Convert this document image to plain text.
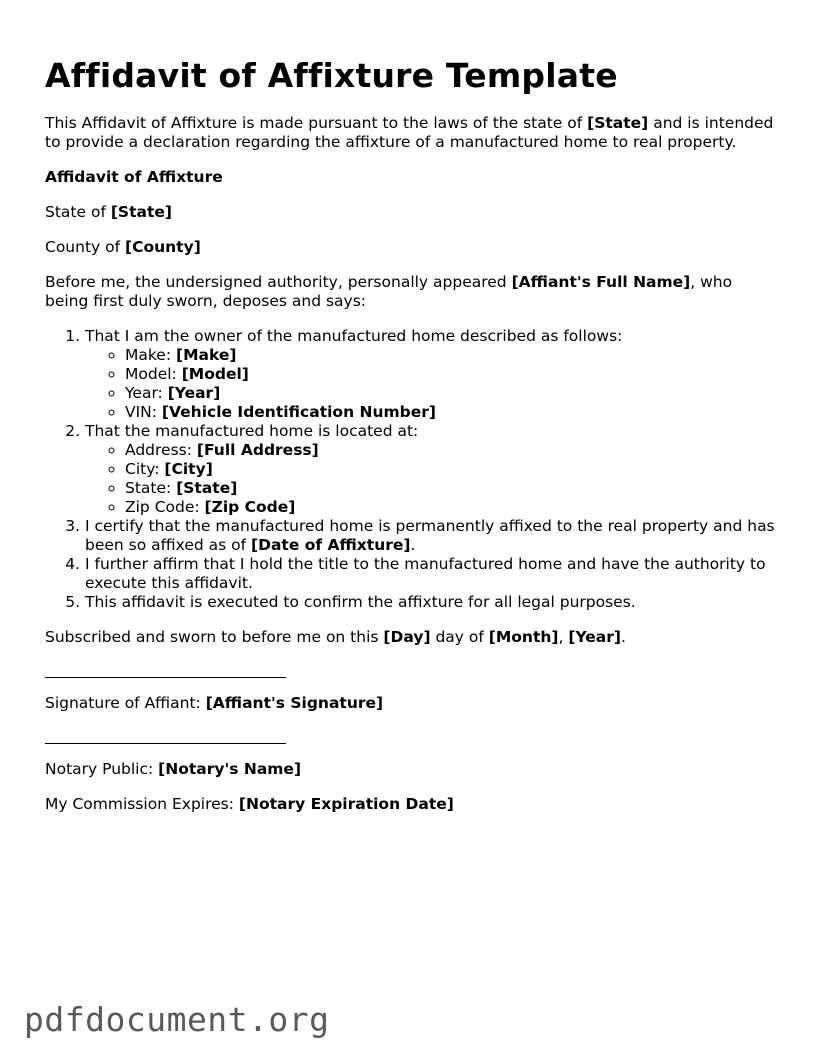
Affidavit of Affixture Template

This Affidavit of Affixture is made pursuant to the laws of the state of [State] and is intended to provide a declaration regarding the affixture of a manufactured home to real property.

Affidavit of Affixture

State of [State]

County of [County]

Before me, the undersigned authority, personally appeared [Affiant's Full Name], who being first duly sworn, deposes and says:

1. That I am the owner of the manufactured home described as follows:
◦ Make: [Make]
◦ Model: [Model]
◦ Year: [Year]
◦ VIN: [Vehicle Identification Number]
2. That the manufactured home is located at:
◦ Address: [Full Address]
◦ City: [City]
◦ State: [State]
◦ Zip Code: [Zip Code]
3. I certify that the manufactured home is permanently affixed to the real property and has been so affixed as of [Date of Affixture].
4. I further affirm that I hold the title to the manufactured home and have the authority to execute this affidavit.
5. This affidavit is executed to confirm the affixture for all legal purposes.

Subscribed and sworn to before me on this [Day] day of [Month], [Year].

Signature of Affiant: [Affiant's Signature]

Notary Public: [Notary's Name]

My Commission Expires: [Notary Expiration Date]

pdfdocument.org
